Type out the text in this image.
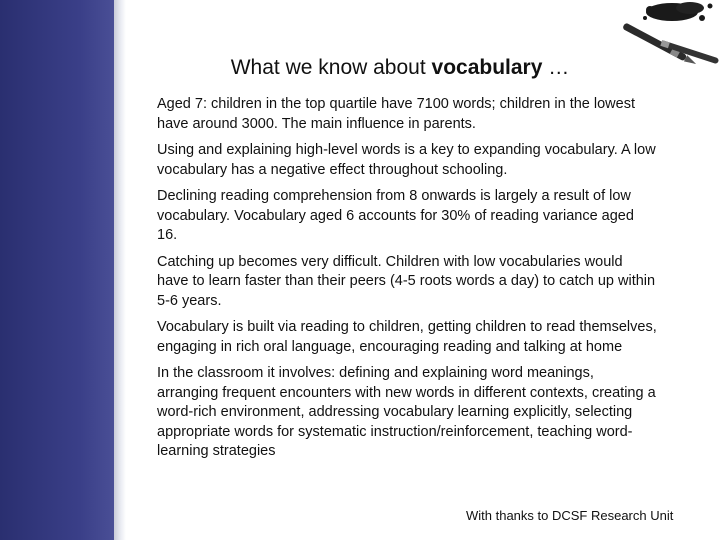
What we know about vocabulary …

Aged 7: children in the top quartile have 7100 words; children in the lowest have around 3000. The main influence in parents.

Using and explaining high-level words is a key to expanding vocabulary. A low vocabulary has a negative effect throughout schooling.

Declining reading comprehension from 8 onwards is largely a result of low vocabulary. Vocabulary aged 6 accounts for 30% of reading variance aged 16.

Catching up becomes very difficult. Children with low vocabularies would have to learn faster than their peers (4-5 roots words a day) to catch up within 5-6 years.

Vocabulary is built via reading to children, getting children to read themselves, engaging in rich oral language, encouraging reading and talking at home

In the classroom it involves: defining and explaining word meanings, arranging frequent encounters with new words in different contexts, creating a word-rich environment, addressing vocabulary learning explicitly, selecting appropriate words for systematic instruction/reinforcement, teaching word-learning strategies

With thanks to DCSF Research Unit
